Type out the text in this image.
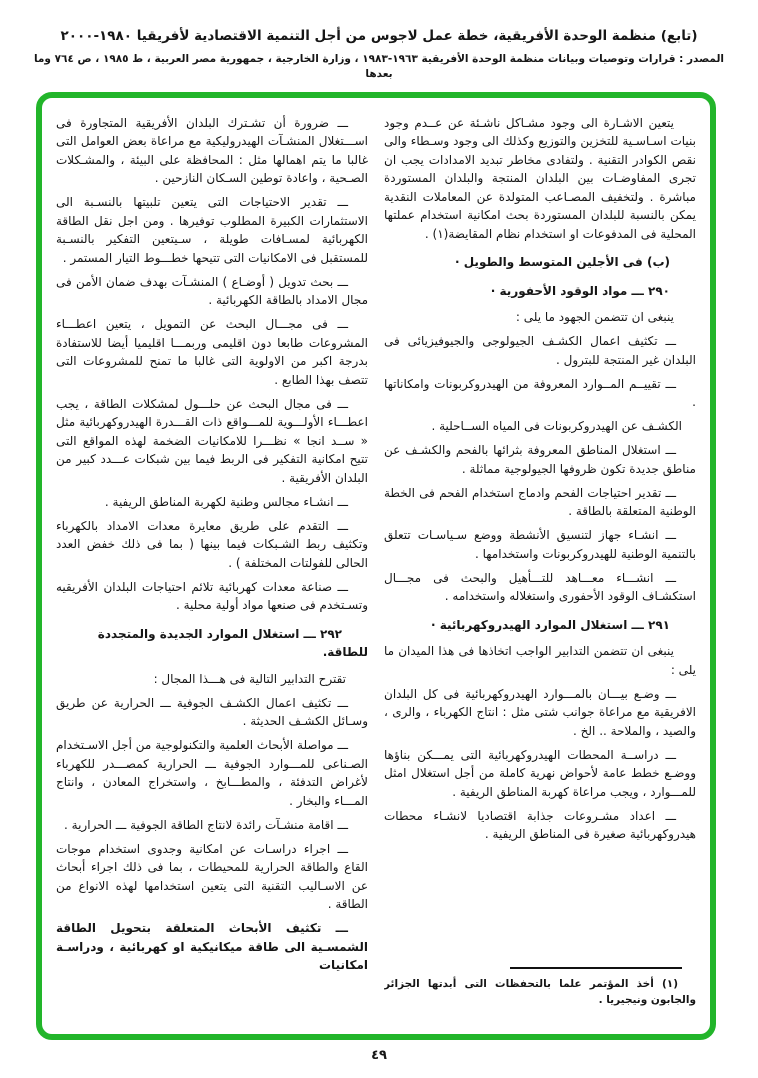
(تابع) منظمة الوحدة الأفريقية، خطة عمل لاجوس من أجل التنمية الاقتصادية لأفريقيا ١٩٨٠-٢٠٠٠
المصدر : قرارات وتوصيات وبيانات منظمة الوحدة الأفريقية ١٩٦٣-١٩٨٣ ، وزارة الخارجية ، جمهورية مصر العربية ، ط ١٩٨٥ ، ص ٧٦٤ وما بعدها

يتعين الاشـارة الى وجود مشـاكل ناشـئة عن عــدم وجود بنيات اسـاسـية للتخزين والتوزيع وكذلك الى وجود وسـطاء والى نقص الكوادر التقنية . ولتفادى مخاطر تبديد الامدادات يجب ان تجرى المفاوضـات بين البلدان المنتجة والبلدان المستوردة مباشرة . ولتخفيف المصـاعب المتولدة عن المعاملات النقدية يمكن بالنسبة للبلدان المستوردة بحث امكانية استخدام عملتها المحلية فى المدفوعات او استخدام نظام المقايضة(١) .

(ب) فى الأجلين المتوسط والطويل ·

٢٩٠ ـــ مواد الوقود الأحفورية ·

ينبغى ان تتضمن الجهود ما يلى :

ـــ تكثيف اعمال الكشـف الجيولوجى والجيوفيزيائى فى البلدان غير المنتجة للبترول .

ـــ تقييــم المــوارد المعروفة من الهيدروكربونات وامكاناتها .

الكشـف عن الهيدروكربونات فى المياه الســاحلية .

ـــ استغلال المناطق المعروفة بثرائها بالفحم والكشـف عن مناطق جديدة تكون ظروفها الجيولوجية مماثلة .

ـــ تقدير احتياجات الفحم وادماج استخدام الفحم فى الخطة الوطنية المتعلقة بالطاقة .

ـــ انشـاء جهاز لتنسيق الأنشطة ووضع سـياسـات تتعلق بالتنمية الوطنية للهيدروكربونات واستخدامها .

ـــ انشـــاء معـــاهد للتـــأهيل والبحث فى مجـــال استكشـاف الوقود الأحفورى واستغلاله واستخدامه .

٢٩١ ـــ استغلال الموارد الهيدروكهربائية ·

ينبغى ان تتضمن التدابير الواجب اتخاذها فى هذا الميدان ما يلى :

ـــ وضـع بيـــان بالمـــوارد الهيدروكهربائية فى كل البلدان الافريقية مع مراعاة جوانب شتى مثل : انتاج الكهرباء ، والرى ، والصيد ، والملاحة .. الخ .

ـــ دراســة المحطات الهيدروكهربائية التى يمـــكن بناؤها ووضـع خطط عامة لأحواض نهرية كاملة من أجل استغلال امثل للمـــوارد ، ويجب مراعاة كهربة المناطق الريفية .

ـــ اعداد مشـروعات جذابة اقتصاديا لانشـاء محطات هيدروكهربائية صغيرة فى المناطق الريفية .

(١) أخذ المؤتمر علما بالتحفظات التى أبدتها الجزائر والجابون ونيجيريا .

ـــ ضرورة أن تشـترك البلدان الأفريقية المتجاورة فى اســـتغلال المنشـآت الهيدروليكية مع مراعاة بعض العوامل التى غالبا ما يتم اهمالها مثل : المحافظة على البيئة ، والمشـكلات الصـحية ، واعادة توطين السـكان النازحين .

ـــ تقدير الاحتياجات التى يتعين تلبيتها بالنسـبة الى الاستثمارات الكبيرة المطلوب توفيرها . ومن اجل نقل الطاقة الكهربائية لمسـافات طويلة ، سـيتعين التفكير بالنسـبة للمستقبل فى الامكانيات التى تتيحها خطـــوط التيار المستمر .

ـــ بحث تدويل ( أوضـاع ) المنشـآت بهدف ضمان الأمن فى مجال الامداد بالطاقة الكهربائية .

ـــ فى مجـــال البحث عن التمويل ، يتعين اعطـــاء المشروعات طابعا دون اقليمى وربمـــا اقليميا أيضا للاستفادة بدرجة اكبر من الاولوية التى غالبا ما تمنح للمشروعات التى تتصف بهذا الطابع .

ـــ فى مجال البحث عن حلـــول لمشكلات الطاقة ، يجب اعطـــاء الأولـــوية للمـــواقع ذات القـــدرة الهيدروكهربائية مثل « ســد انجا » نظـــرا للامكانيات الضخمة لهذه المواقع التى تتيح امكانية التفكير فى الربط فيما بين شبكات عـــدد كبير من البلدان الأفريقية .

ـــ انشـاء مجالس وطنية لكهربة المناطق الريفية .

ـــ التقدم على طريق معايرة معدات الامداد بالكهرباء وتكثيف ربط الشـبكات فيما بينها ( بما فى ذلك خفض العدد الحالى للفولتات المختلفة ) .

ـــ صناعة معدات كهربائية تلائم احتياجات البلدان الأفريقيه وتسـتخدم فى صنعها مواد أولية محلية .

٢٩٢ ـــ استغلال الموارد الجديدة والمتجددة للطاقة.

تقترح التدابير التالية فى هـــذا المجال :

ـــ تكثيف اعمال الكشـف الجوفية ـــ الحرارية عن طريق وسـائل الكشـف الحديثة .

ـــ مواصلة الأبحاث العلمية والتكنولوجية من أجل الاسـتخدام الصـناعى للمـــوارد الجوفية ـــ الحرارية كمصـــدر للكهرباء لأغراض التدفئة ، والمطـــابخ ، واستخراج المعادن ، وانتاج المـــاء والبخار .

ـــ اقامة منشـآت رائدة لانتاج الطاقة الجوفية ـــ الحرارية .

ـــ اجراء دراسـات عن امكانية وجدوى استخدام موجات القاع والطاقة الحرارية للمحيطات ، بما فى ذلك اجراء أبحاث عن الاسـاليب التقنية التى يتعين استخدامها لهذه الانواع من الطاقة .

ـــ تكثيف الأبحاث المتعلقة بتحويل الطاقة الشمسـية الى طاقة ميكانيكية او كهربائية ، ودراسـة امكانيات

٤٩
